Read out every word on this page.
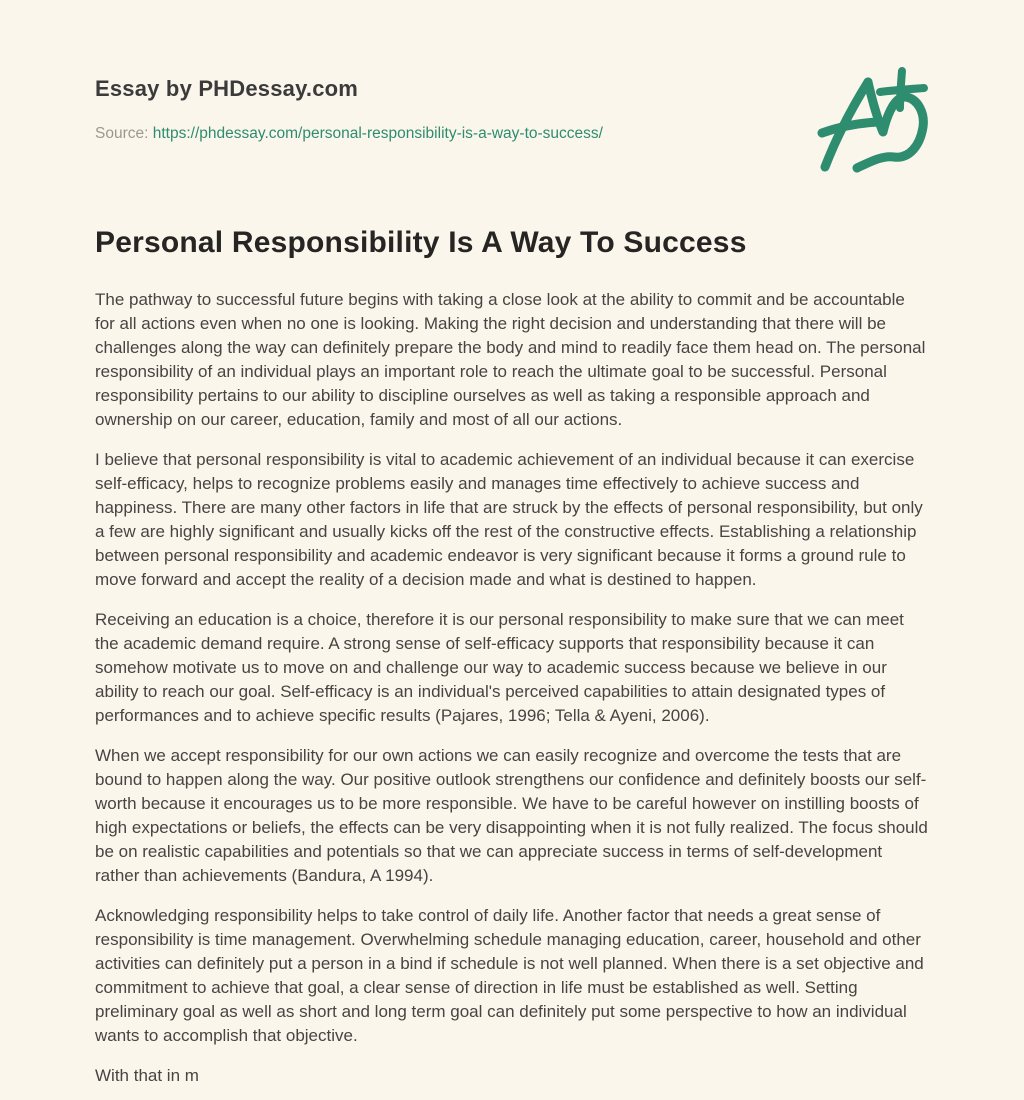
Essay by PHDessay.com
Source: https://phdessay.com/personal-responsibility-is-a-way-to-success/
Personal Responsibility Is A Way To Success

The pathway to successful future begins with taking a close look at the ability to commit and be accountable for all actions even when no one is looking. Making the right decision and understanding that there will be challenges along the way can definitely prepare the body and mind to readily face them head on. The personal responsibility of an individual plays an important role to reach the ultimate goal to be successful. Personal responsibility pertains to our ability to discipline ourselves as well as taking a responsible approach and ownership on our career, education, family and most of all our actions.

I believe that personal responsibility is vital to academic achievement of an individual because it can exercise self-efficacy, helps to recognize problems easily and manages time effectively to achieve success and happiness. There are many other factors in life that are struck by the effects of personal responsibility, but only a few are highly significant and usually kicks off the rest of the constructive effects. Establishing a relationship between personal responsibility and academic endeavor is very significant because it forms a ground rule to move forward and accept the reality of a decision made and what is destined to happen.

Receiving an education is a choice, therefore it is our personal responsibility to make sure that we can meet the academic demand require. A strong sense of self-efficacy supports that responsibility because it can somehow motivate us to move on and challenge our way to academic success because we believe in our ability to reach our goal. Self-efficacy is an individual's perceived capabilities to attain designated types of performances and to achieve specific results (Pajares, 1996; Tella & Ayeni, 2006).

When we accept responsibility for our own actions we can easily recognize and overcome the tests that are bound to happen along the way. Our positive outlook strengthens our confidence and definitely boosts our self-worth because it encourages us to be more responsible. We have to be careful however on instilling boosts of high expectations or beliefs, the effects can be very disappointing when it is not fully realized. The focus should be on realistic capabilities and potentials so that we can appreciate success in terms of self-development rather than achievements (Bandura, A 1994).

Acknowledging responsibility helps to take control of daily life. Another factor that needs a great sense of responsibility is time management. Overwhelming schedule managing education, career, household and other activities can definitely put a person in a bind if schedule is not well planned. When there is a set objective and commitment to achieve that goal, a clear sense of direction in life must be established as well. Setting preliminary goal as well as short and long term goal can definitely put some perspective to how an individual wants to accomplish that objective.

With that in m
